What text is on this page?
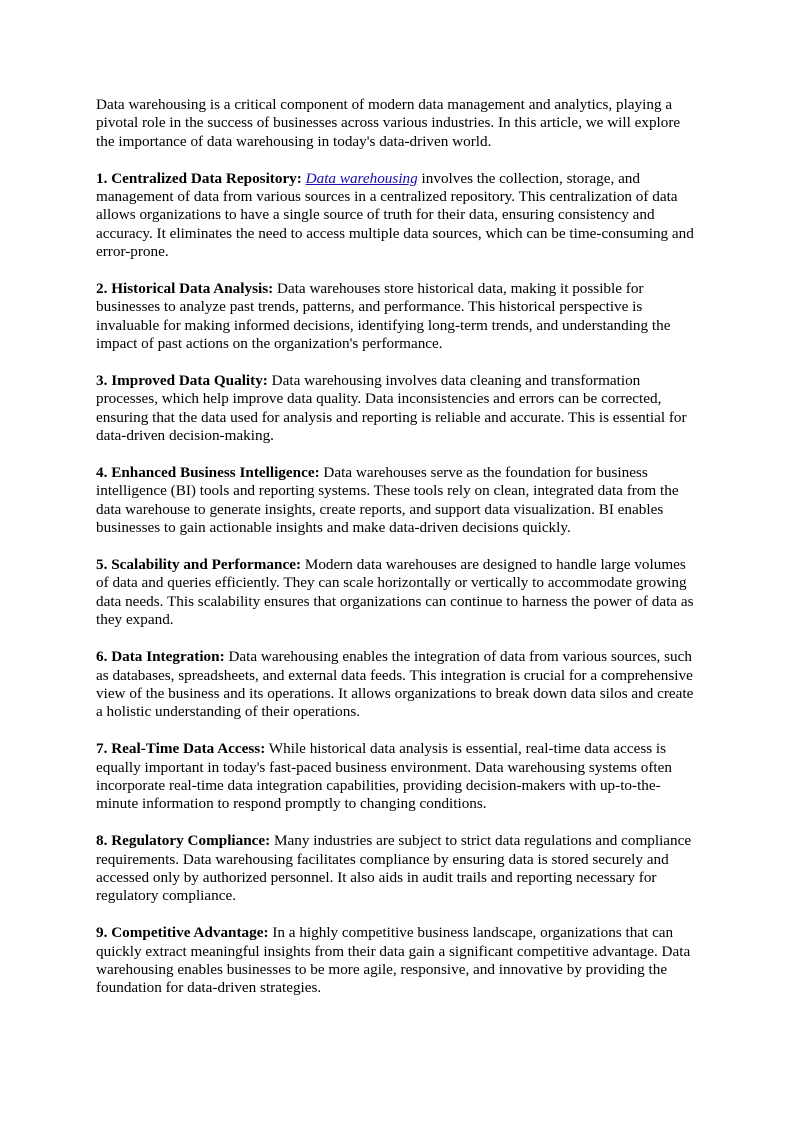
Data warehousing is a critical component of modern data management and analytics, playing a pivotal role in the success of businesses across various industries. In this article, we will explore the importance of data warehousing in today's data-driven world.

1. Centralized Data Repository: Data warehousing involves the collection, storage, and management of data from various sources in a centralized repository. This centralization of data allows organizations to have a single source of truth for their data, ensuring consistency and accuracy. It eliminates the need to access multiple data sources, which can be time-consuming and error-prone.

2. Historical Data Analysis: Data warehouses store historical data, making it possible for businesses to analyze past trends, patterns, and performance. This historical perspective is invaluable for making informed decisions, identifying long-term trends, and understanding the impact of past actions on the organization's performance.

3. Improved Data Quality: Data warehousing involves data cleaning and transformation processes, which help improve data quality. Data inconsistencies and errors can be corrected, ensuring that the data used for analysis and reporting is reliable and accurate. This is essential for data-driven decision-making.

4. Enhanced Business Intelligence: Data warehouses serve as the foundation for business intelligence (BI) tools and reporting systems. These tools rely on clean, integrated data from the data warehouse to generate insights, create reports, and support data visualization. BI enables businesses to gain actionable insights and make data-driven decisions quickly.

5. Scalability and Performance: Modern data warehouses are designed to handle large volumes of data and queries efficiently. They can scale horizontally or vertically to accommodate growing data needs. This scalability ensures that organizations can continue to harness the power of data as they expand.

6. Data Integration: Data warehousing enables the integration of data from various sources, such as databases, spreadsheets, and external data feeds. This integration is crucial for a comprehensive view of the business and its operations. It allows organizations to break down data silos and create a holistic understanding of their operations.

7. Real-Time Data Access: While historical data analysis is essential, real-time data access is equally important in today's fast-paced business environment. Data warehousing systems often incorporate real-time data integration capabilities, providing decision-makers with up-to-the-minute information to respond promptly to changing conditions.

8. Regulatory Compliance: Many industries are subject to strict data regulations and compliance requirements. Data warehousing facilitates compliance by ensuring data is stored securely and accessed only by authorized personnel. It also aids in audit trails and reporting necessary for regulatory compliance.

9. Competitive Advantage: In a highly competitive business landscape, organizations that can quickly extract meaningful insights from their data gain a significant competitive advantage. Data warehousing enables businesses to be more agile, responsive, and innovative by providing the foundation for data-driven strategies.
